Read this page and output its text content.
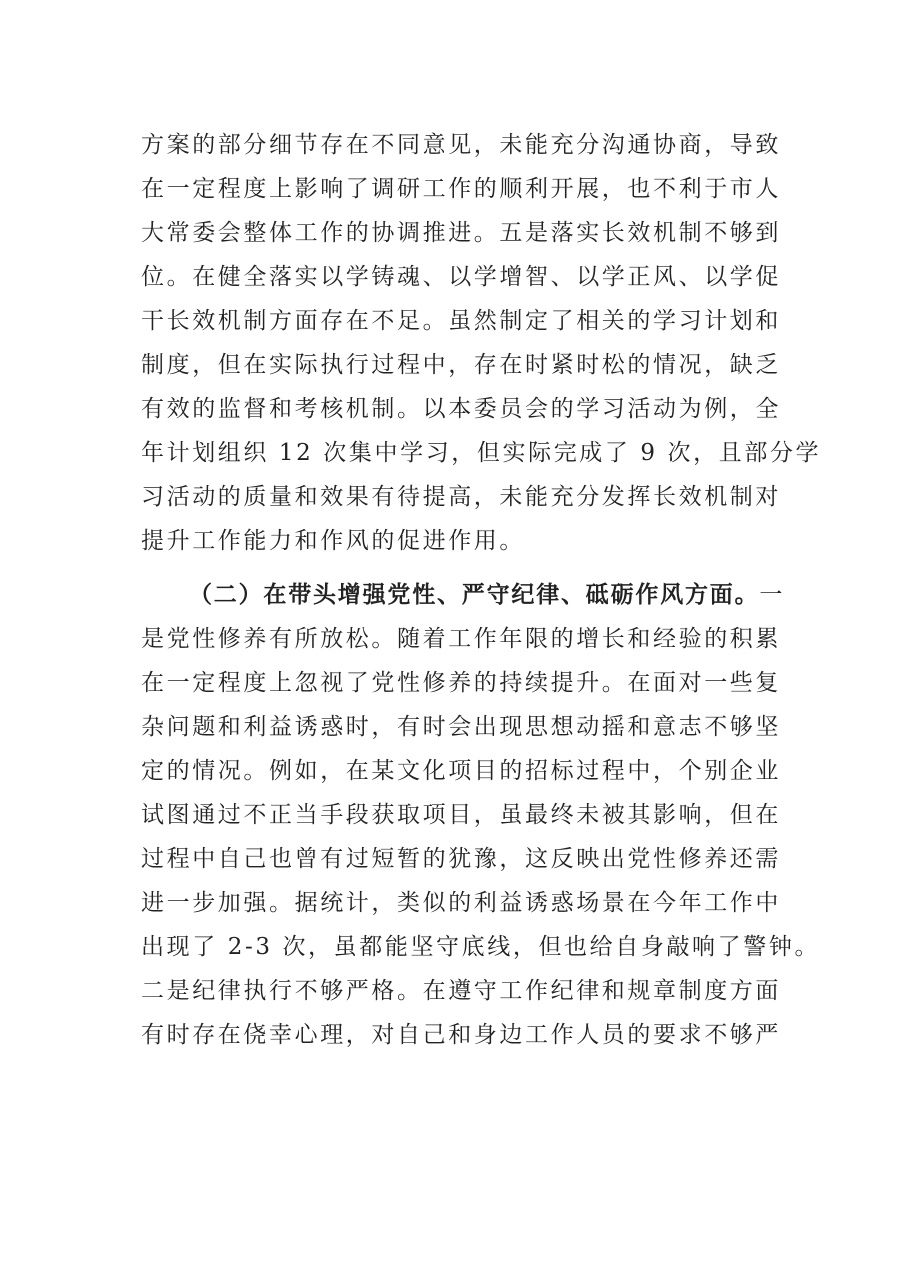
方案的部分细节存在不同意见，未能充分沟通协商，导致
在一定程度上影响了调研工作的顺利开展，也不利于市人
大常委会整体工作的协调推进。五是落实长效机制不够到
位。在健全落实以学铸魂、以学增智、以学正风、以学促
干长效机制方面存在不足。虽然制定了相关的学习计划和
制度，但在实际执行过程中，存在时紧时松的情况，缺乏
有效的监督和考核机制。以本委员会的学习活动为例，全
年计划组织 12 次集中学习，但实际完成了 9 次，且部分学
习活动的质量和效果有待提高，未能充分发挥长效机制对
提升工作能力和作风的促进作用。
（二）在带头增强党性、严守纪律、砥砺作风方面。一
是党性修养有所放松。随着工作年限的增长和经验的积累
在一定程度上忽视了党性修养的持续提升。在面对一些复
杂问题和利益诱惑时，有时会出现思想动摇和意志不够坚
定的情况。例如，在某文化项目的招标过程中，个别企业
试图通过不正当手段获取项目，虽最终未被其影响，但在
过程中自己也曾有过短暂的犹豫，这反映出党性修养还需
进一步加强。据统计，类似的利益诱惑场景在今年工作中
出现了 2-3 次，虽都能坚守底线，但也给自身敲响了警钟。
二是纪律执行不够严格。在遵守工作纪律和规章制度方面
有时存在侥幸心理，对自己和身边工作人员的要求不够严
